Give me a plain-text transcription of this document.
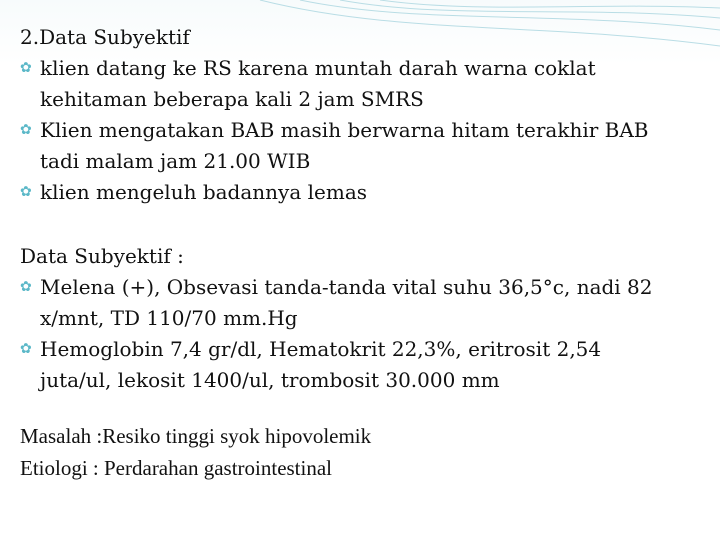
2.Data Subyektif
✿ klien datang ke RS karena muntah darah warna coklat
kehitaman beberapa kali 2 jam SMRS
✿ Klien mengatakan BAB masih berwarna hitam terakhir BAB
tadi malam jam 21.00 WIB
✿ klien mengeluh badannya lemas
Data Subyektif :
✿ Melena (+), Obsevasi tanda-tanda vital suhu 36,5°c, nadi 82
x/mnt, TD 110/70 mm.Hg
✿ Hemoglobin 7,4 gr/dl, Hematokrit 22,3%, eritrosit 2,54
juta/ul, lekosit 1400/ul, trombosit 30.000 mm
Masalah :Resiko tinggi syok hipovolemik
Etiologi : Perdarahan gastrointestinal
